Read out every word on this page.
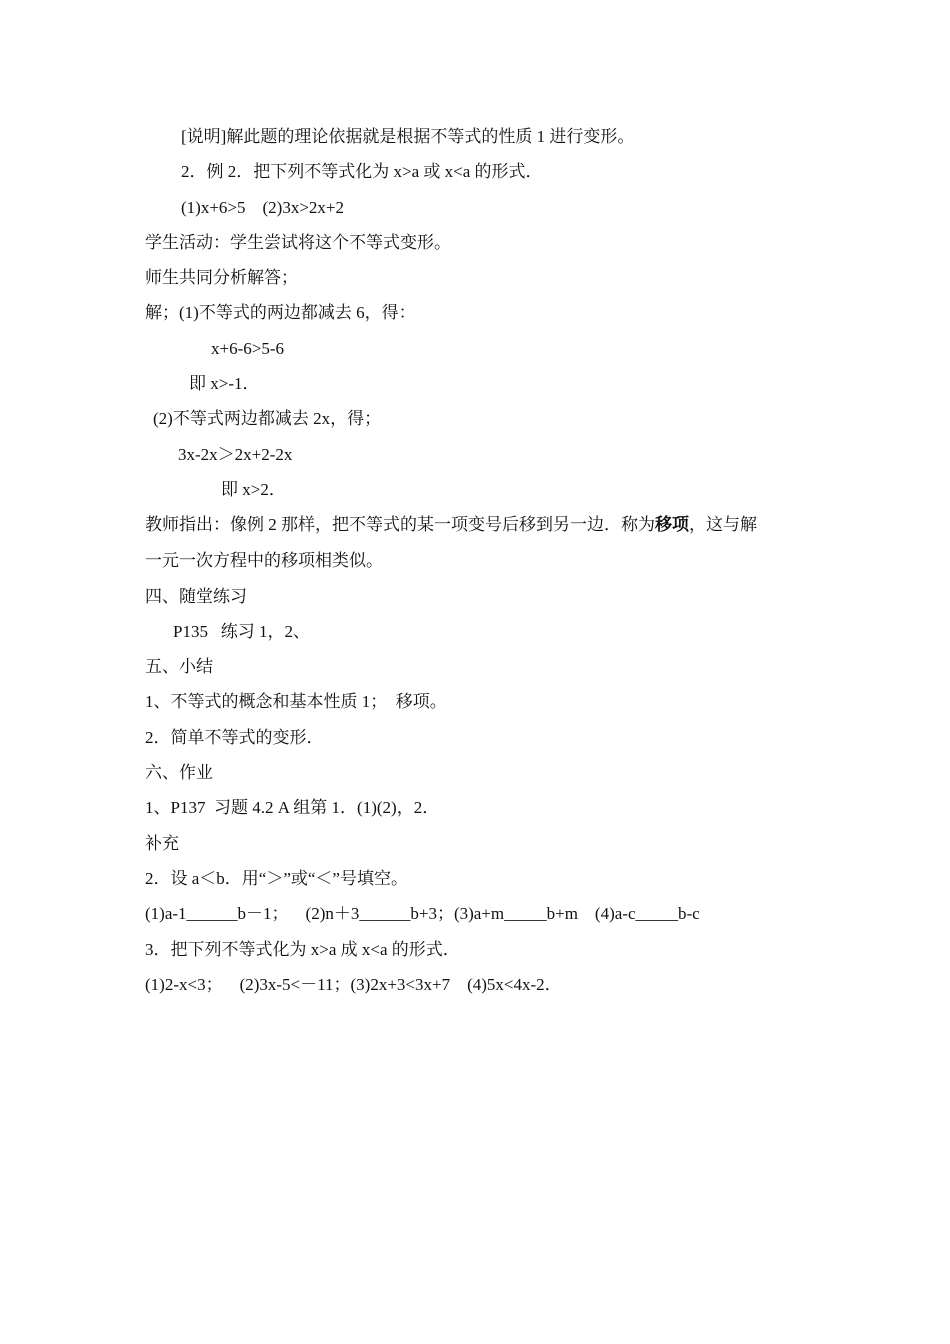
[说明]解此题的理论依据就是根据不等式的性质 1 进行变形。
2．例 2．把下列不等式化为 x>a 或 x<a 的形式．
(1)x+6>5    (2)3x>2x+2
学生活动：学生尝试将这个不等式变形。
师生共同分析解答；
解；(1)不等式的两边都减去 6，得：
x+6-6>5-6
即 x>-1．
(2)不等式两边都减去 2x，得；
3x-2x＞2x+2-2x
即 x>2．
教师指出：像例 2 那样，把不等式的某一项变号后移到另一边．称为移项，这与解
一元一次方程中的移项相类似。
四、随堂练习
P135   练习 1，2、
五、小结
1、不等式的概念和基本性质 1；  移项。
2．简单不等式的变形．
六、作业
1、P137  习题 4.2 A 组第 1．(1)(2)，2．
补充
2．设 a＜b．用“＞”或“＜”号填空。
(1)a-1______b－1；    (2)n＋3______b+3；(3)a+m_____b+m    (4)a-c_____b-c
3．把下列不等式化为 x>a 成 x<a 的形式．
(1)2-x<3；    (2)3x-5<－11；(3)2x+3<3x+7    (4)5x<4x-2．
